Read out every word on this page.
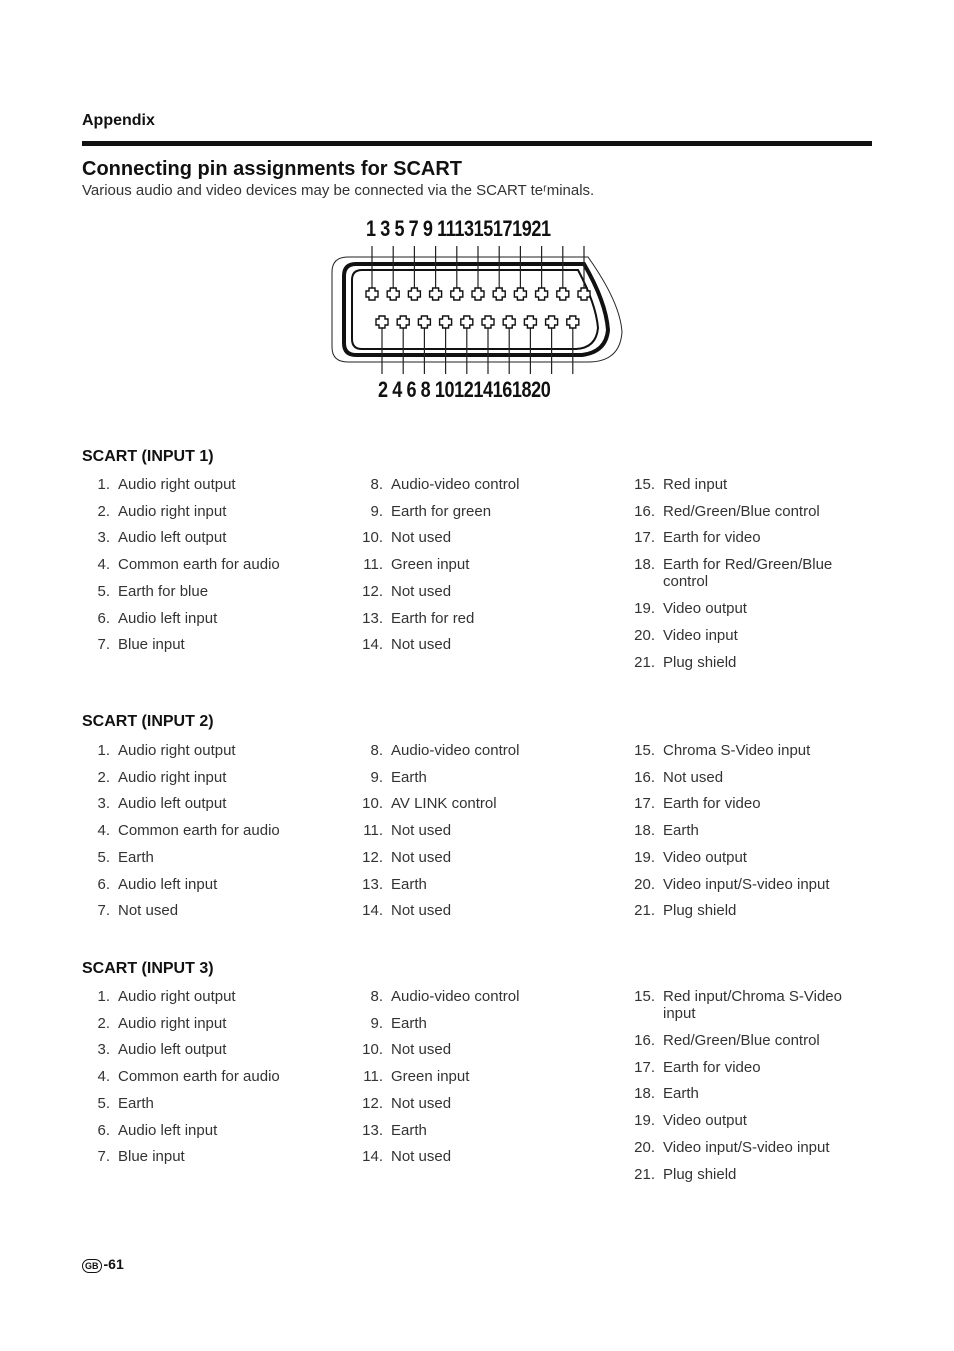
Appendix
Connecting pin assignments for SCART
Various audio and video devices may be connected via the SCART teʳminals.
1 3 5 7 9 111315171921
2 4 6 8 101214161820
SCART (INPUT 1)
1. Audio right output
2. Audio right input
3. Audio left output
4. Common earth for audio
5. Earth for blue
6. Audio left input
7. Blue input
8. Audio-video control
9. Earth for green
10. Not used
11. Green input
12. Not used
13. Earth for red
14. Not used
15. Red input
16. Red/Green/Blue control
17. Earth for video
18. Earth for Red/Green/Blue control
19. Video output
20. Video input
21. Plug shield
SCART (INPUT 2)
1. Audio right output
2. Audio right input
3. Audio left output
4. Common earth for audio
5. Earth
6. Audio left input
7. Not used
8. Audio-video control
9. Earth
10. AV LINK control
11. Not used
12. Not used
13. Earth
14. Not used
15. Chroma S-Video input
16. Not used
17. Earth for video
18. Earth
19. Video output
20. Video input/S-video input
21. Plug shield
SCART (INPUT 3)
1. Audio right output
2. Audio right input
3. Audio left output
4. Common earth for audio
5. Earth
6. Audio left input
7. Blue input
8. Audio-video control
9. Earth
10. Not used
11. Green input
12. Not used
13. Earth
14. Not used
15. Red input/Chroma S-Video input
16. Red/Green/Blue control
17. Earth for video
18. Earth
19. Video output
20. Video input/S-video input
21. Plug shield
GB -61
